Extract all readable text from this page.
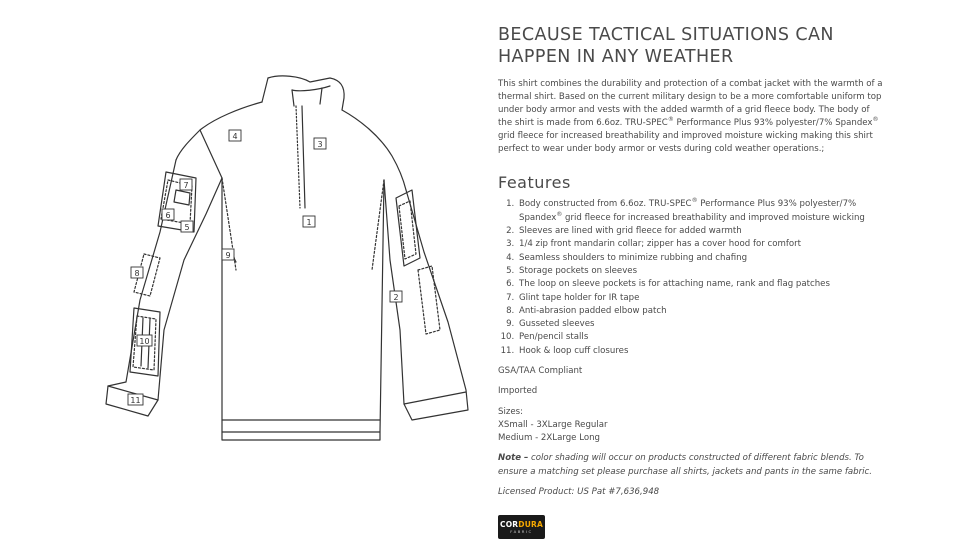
1
2
3
4
5
6
7
8
9
10
11
BECAUSE TACTICAL SITUATIONS CAN
HAPPEN IN ANY WEATHER

This shirt combines the durability and protection of a combat jacket with the warmth of a thermal shirt. Based on the current military design to be a more comfortable uniform top under body armor and vests with the added warmth of a grid fleece body. The body of the shirt is made from 6.6oz. TRU-SPEC® Performance Plus 93% polyester/7% Spandex® grid fleece for increased breathability and improved moisture wicking making this shirt perfect to wear under body armor or vests during cold weather operations.;

Features
1. Body constructed from 6.6oz. TRU-SPEC® Performance Plus 93% polyester/7% Spandex® grid fleece for increased breathability and improved moisture wicking
2. Sleeves are lined with grid fleece for added warmth
3. 1/4 zip front mandarin collar; zipper has a cover hood for comfort
4. Seamless shoulders to minimize rubbing and chafing
5. Storage pockets on sleeves
6. The loop on sleeve pockets is for attaching name, rank and flag patches
7. Glint tape holder for IR tape
8. Anti-abrasion padded elbow patch
9. Gusseted sleeves
10. Pen/pencil stalls
11. Hook & loop cuff closures

GSA/TAA Compliant

Imported

Sizes:
XSmall - 3XLarge Regular
Medium - 2XLarge Long

Note – color shading will occur on products constructed of different fabric blends. To ensure a matching set please purchase all shirts, jackets and pants in the same fabric.

Licensed Product: US Pat #7,636,948

CORDURA
FABRIC
